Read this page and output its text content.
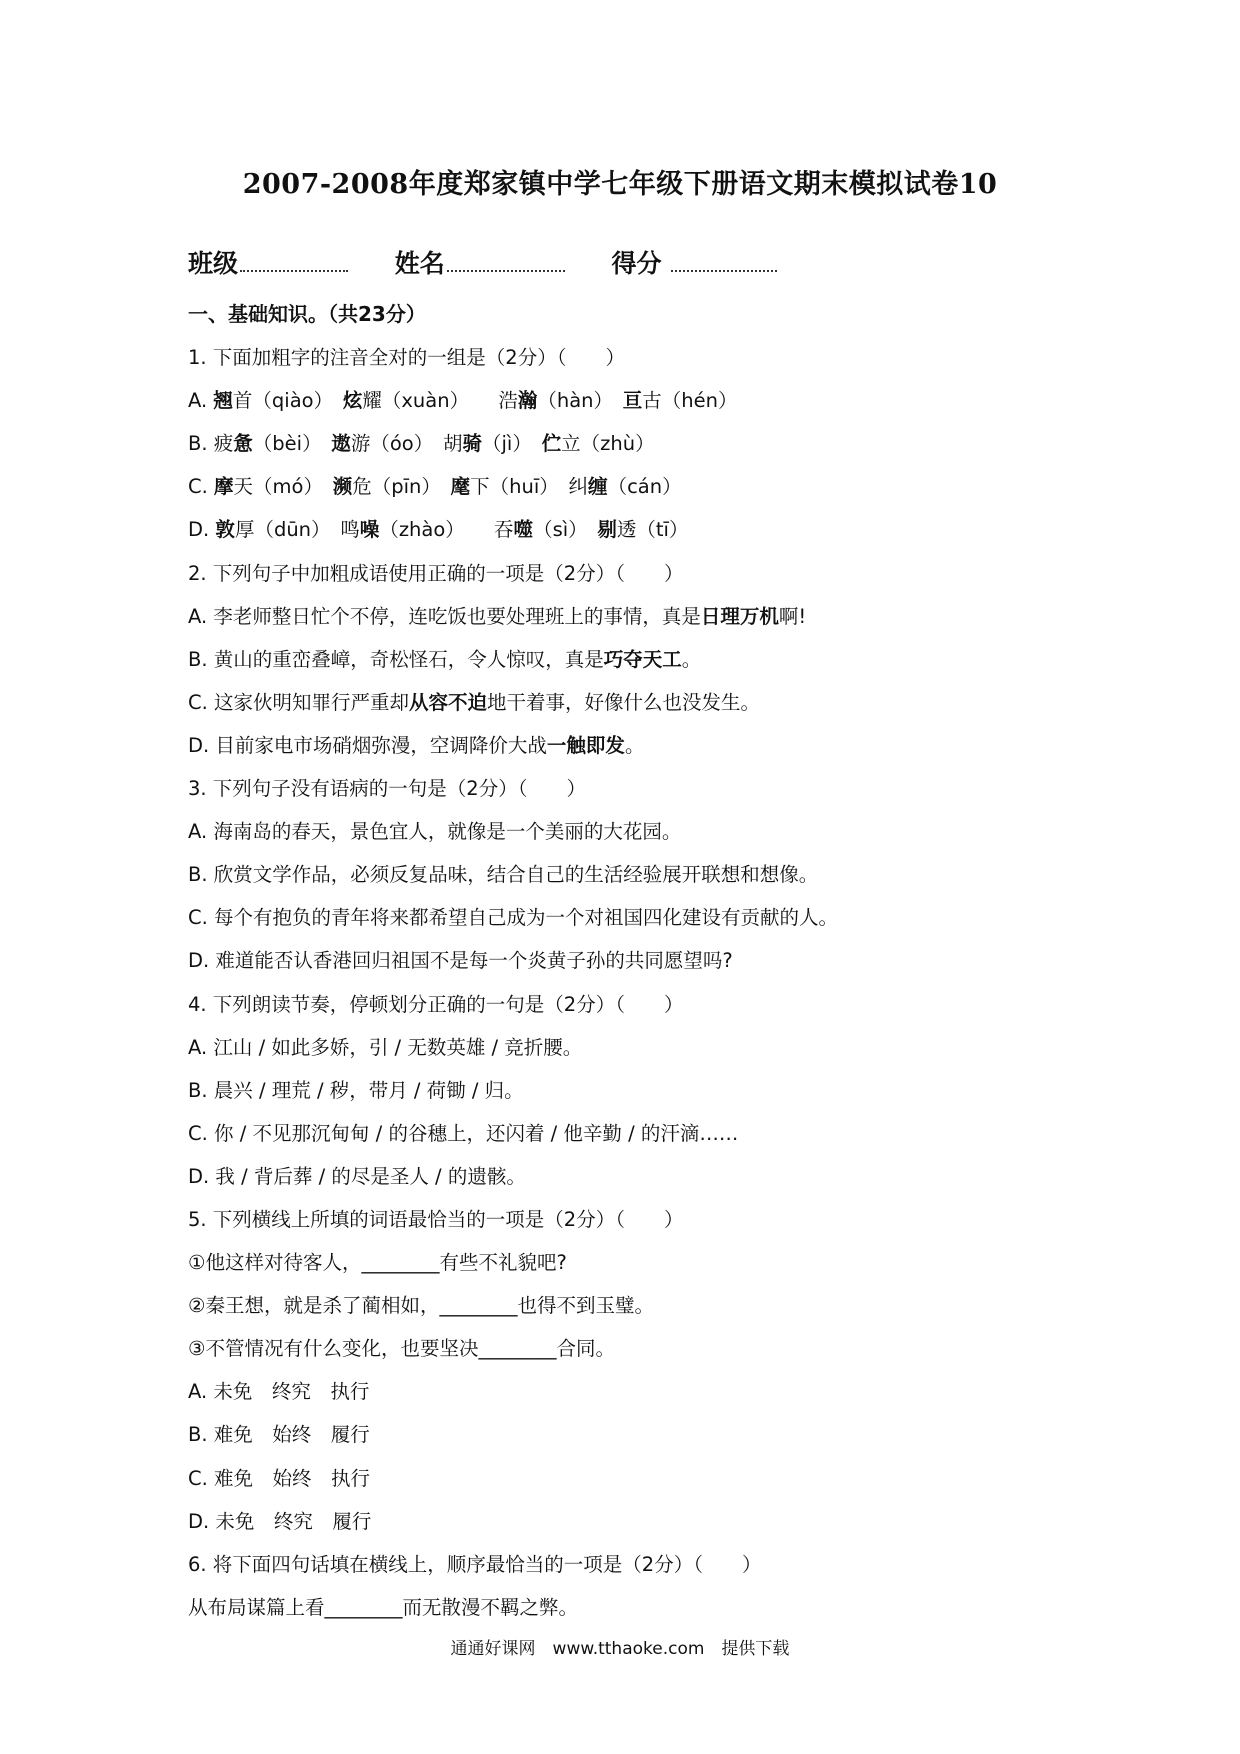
2007-2008年度郑家镇中学七年级下册语文期末模拟试卷10
班级	姓名	得分
一、基础知识。（共23分）
1. 下面加粗字的注音全对的一组是（2分）（　　）
A. 翘首（qiào）　炫耀（xuàn）　　浩瀚（hàn）　亘古（hén）
B. 疲惫（bèi）　遨游（óo）　胡骑（jì）　伫立（zhù）
C. 摩天（mó）　濒危（pīn）　麾下（huī）　纠缠（cán）
D. 敦厚（dūn）　鸣噪（zhào）　　吞噬（sì）　剔透（tī）
2. 下列句子中加粗成语使用正确的一项是（2分）（　　）
A. 李老师整日忙个不停，连吃饭也要处理班上的事情，真是日理万机啊!
B. 黄山的重峦叠嶂，奇松怪石，令人惊叹，真是巧夺天工。
C. 这家伙明知罪行严重却从容不迫地干着事，好像什么也没发生。
D. 目前家电市场硝烟弥漫，空调降价大战一触即发。
3. 下列句子没有语病的一句是（2分）（　　）
A. 海南岛的春天，景色宜人，就像是一个美丽的大花园。
B. 欣赏文学作品，必须反复品味，结合自己的生活经验展开联想和想像。
C. 每个有抱负的青年将来都希望自己成为一个对祖国四化建设有贡献的人。
D. 难道能否认香港回归祖国不是每一个炎黄子孙的共同愿望吗?
4. 下列朗读节奏，停顿划分正确的一句是（2分）（　　）
A. 江山 / 如此多娇，引 / 无数英雄 / 竞折腰。
B. 晨兴 / 理荒 / 秽，带月 / 荷锄 / 归。
C. 你 / 不见那沉甸甸 / 的谷穗上，还闪着 / 他辛勤 / 的汗滴……
D. 我 / 背后葬 / 的尽是圣人 / 的遗骸。
5. 下列横线上所填的词语最恰当的一项是（2分）（　　）
①他这样对待客人，________有些不礼貌吧?
②秦王想，就是杀了蔺相如，________也得不到玉璧。
③不管情况有什么变化，也要坚决________合同。
A. 未免　终究　执行
B. 难免　始终　履行
C. 难免　始终　执行
D. 未免　终究　履行
6. 将下面四句话填在横线上，顺序最恰当的一项是（2分）（　　）
从布局谋篇上看________而无散漫不羁之弊。
通通好课网　www.tthaoke.com　提供下载
